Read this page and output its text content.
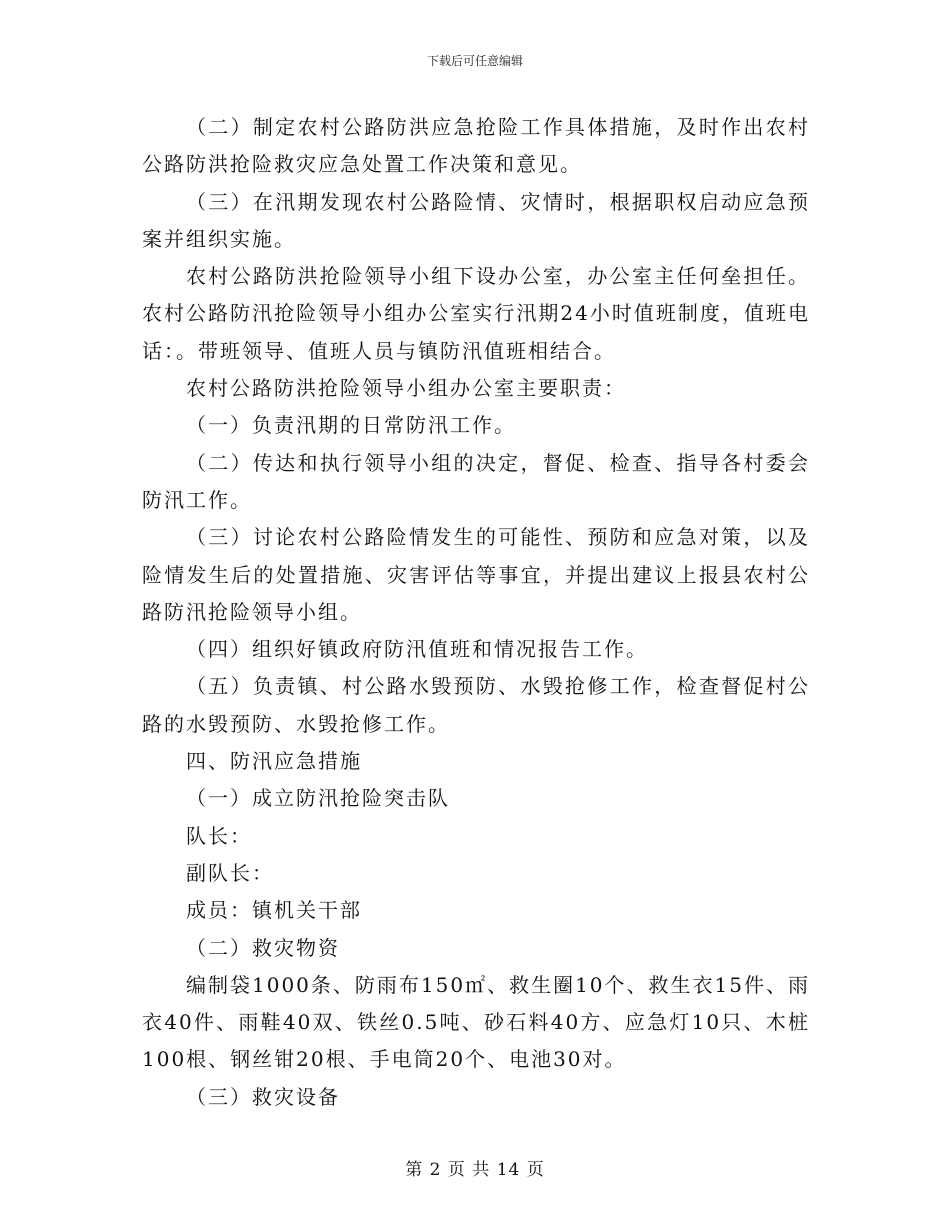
下载后可任意编辑

（二）制定农村公路防洪应急抢险工作具体措施，及时作出农村公路防洪抢险救灾应急处置工作决策和意见。

（三）在汛期发现农村公路险情、灾情时，根据职权启动应急预案并组织实施。

农村公路防洪抢险领导小组下设办公室，办公室主任何垒担任。农村公路防汛抢险领导小组办公室实行汛期24小时值班制度，值班电话：。带班领导、值班人员与镇防汛值班相结合。

农村公路防洪抢险领导小组办公室主要职责：

（一）负责汛期的日常防汛工作。

（二）传达和执行领导小组的决定，督促、检查、指导各村委会防汛工作。

（三）讨论农村公路险情发生的可能性、预防和应急对策，以及险情发生后的处置措施、灾害评估等事宜，并提出建议上报县农村公路防汛抢险领导小组。

（四）组织好镇政府防汛值班和情况报告工作。

（五）负责镇、村公路水毁预防、水毁抢修工作，检查督促村公路的水毁预防、水毁抢修工作。

四、防汛应急措施

（一）成立防汛抢险突击队

队长：

副队长：

成员：镇机关干部

（二）救灾物资

编制袋1000条、防雨布150㎡、救生圈10个、救生衣15件、雨衣40件、雨鞋40双、铁丝0.5吨、砂石料40方、应急灯10只、木桩100根、钢丝钳20根、手电筒20个、电池30对。

（三）救灾设备

第 2 页 共 14 页
